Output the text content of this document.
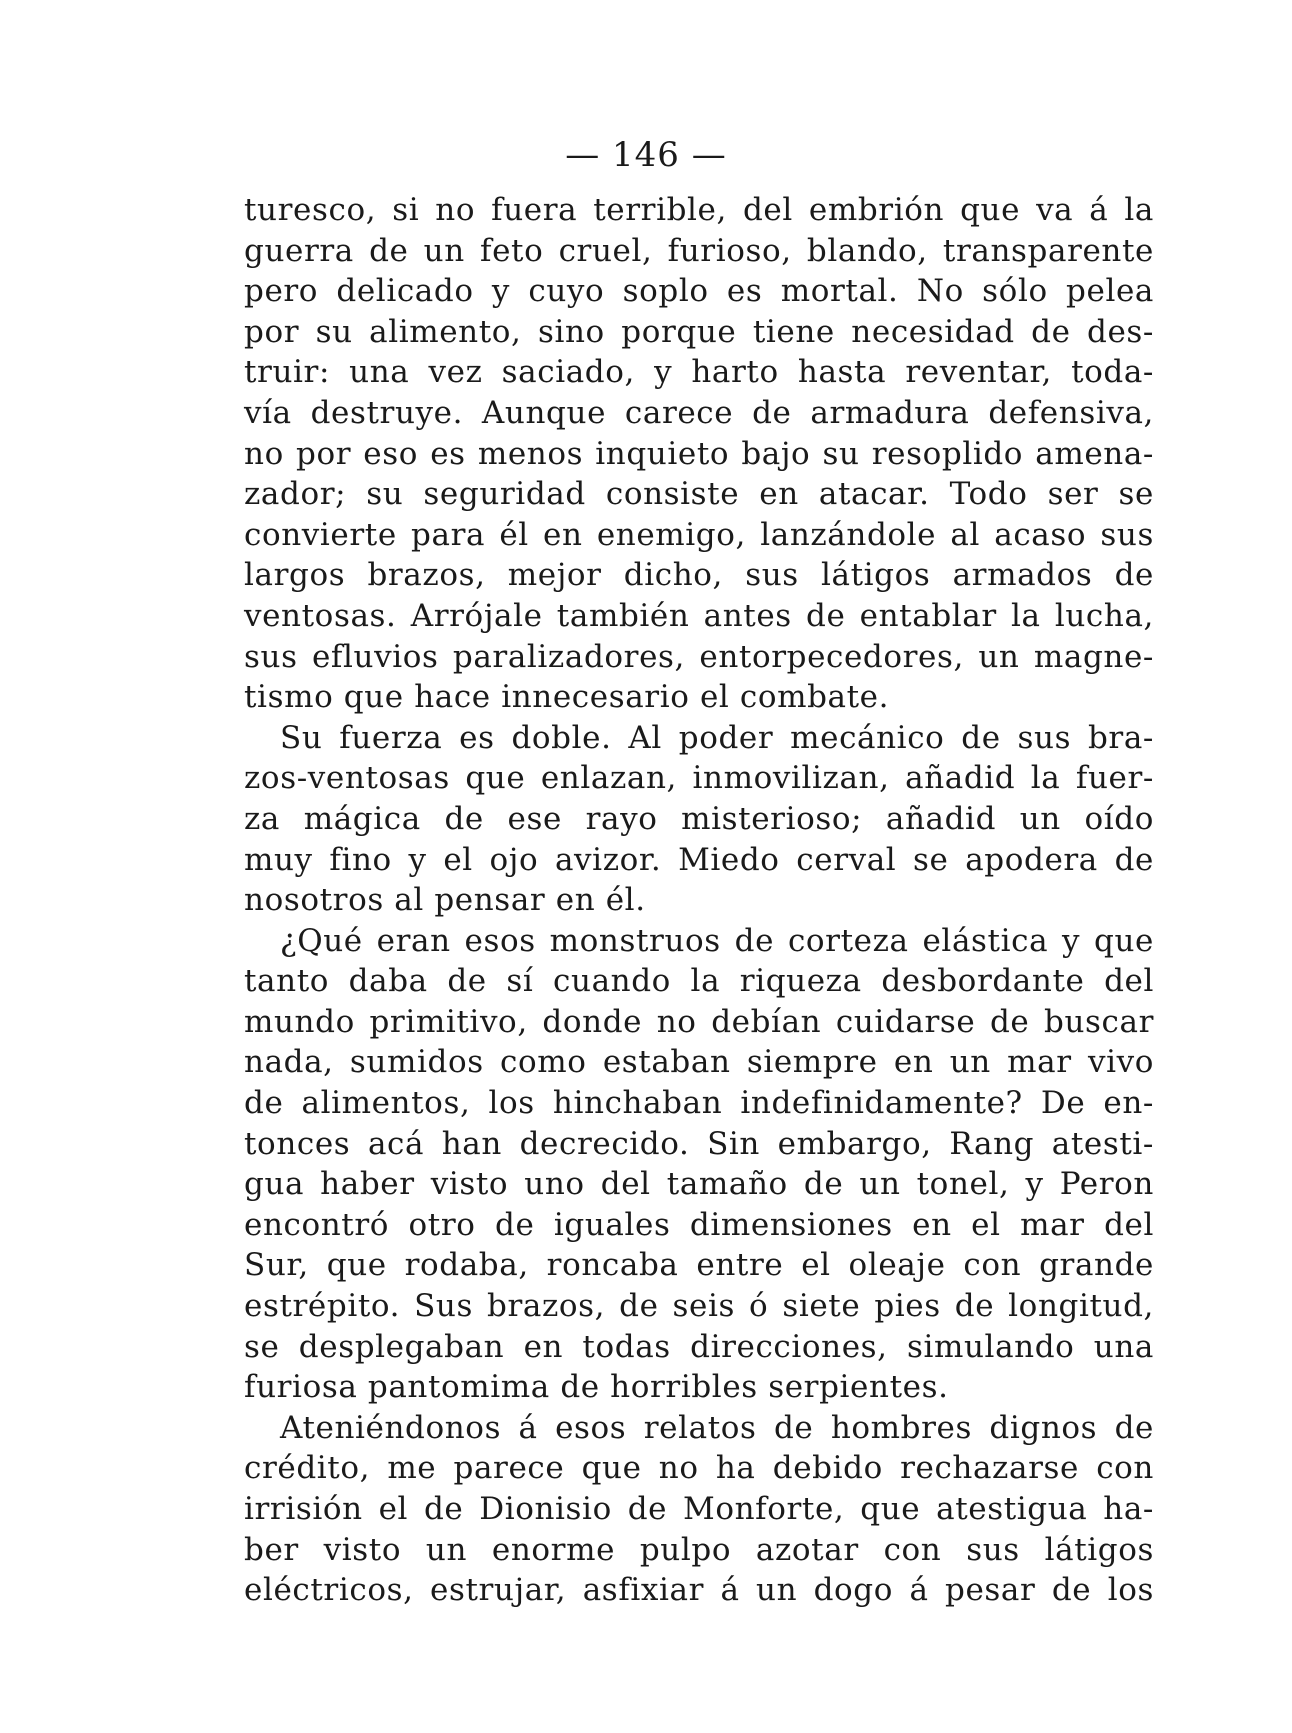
— 146 —
turesco, si no fuera terrible, del embrión que va á la
guerra de un feto cruel, furioso, blando, transparente
pero delicado y cuyo soplo es mortal. No sólo pelea
por su alimento, sino porque tiene necesidad de des-
truir: una vez saciado, y harto hasta reventar, toda-
vía destruye. Aunque carece de armadura defensiva,
no por eso es menos inquieto bajo su resoplido amena-
zador; su seguridad consiste en atacar. Todo ser se
convierte para él en enemigo, lanzándole al acaso sus
largos brazos, mejor dicho, sus látigos armados de
ventosas. Arrójale también antes de entablar la lucha,
sus efluvios paralizadores, entorpecedores, un magne-
tismo que hace innecesario el combate.
Su fuerza es doble. Al poder mecánico de sus bra-
zos-ventosas que enlazan, inmovilizan, añadid la fuer-
za mágica de ese rayo misterioso; añadid un oído
muy fino y el ojo avizor. Miedo cerval se apodera de
nosotros al pensar en él.
¿Qué eran esos monstruos de corteza elástica y que
tanto daba de sí cuando la riqueza desbordante del
mundo primitivo, donde no debían cuidarse de buscar
nada, sumidos como estaban siempre en un mar vivo
de alimentos, los hinchaban indefinidamente? De en-
tonces acá han decrecido. Sin embargo, Rang atesti-
gua haber visto uno del tamaño de un tonel, y Peron
encontró otro de iguales dimensiones en el mar del
Sur, que rodaba, roncaba entre el oleaje con grande
estrépito. Sus brazos, de seis ó siete pies de longitud,
se desplegaban en todas direcciones, simulando una
furiosa pantomima de horribles serpientes.
Ateniéndonos á esos relatos de hombres dignos de
crédito, me parece que no ha debido rechazarse con
irrisión el de Dionisio de Monforte, que atestigua ha-
ber visto un enorme pulpo azotar con sus látigos
eléctricos, estrujar, asfixiar á un dogo á pesar de los
